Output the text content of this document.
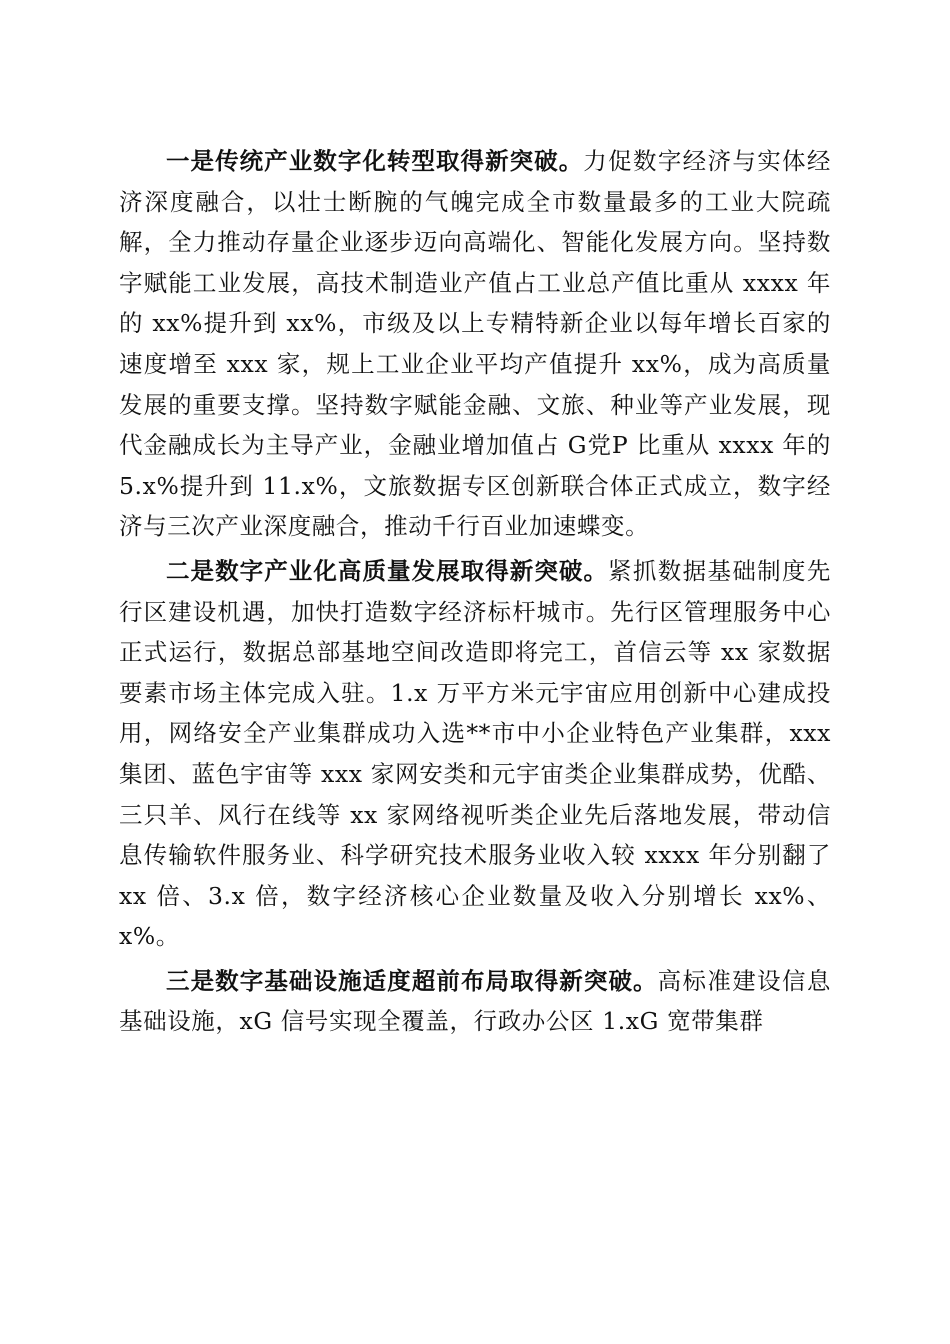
一是传统产业数字化转型取得新突破。力促数字经济与实体经济深度融合，以壮士断腕的气魄完成全市数量最多的工业大院疏解，全力推动存量企业逐步迈向高端化、智能化发展方向。坚持数字赋能工业发展，高技术制造业产值占工业总产值比重从 xxxx 年的 xx%提升到 xx%，市级及以上专精特新企业以每年增长百家的速度增至 xxx 家，规上工业企业平均产值提升 xx%，成为高质量发展的重要支撑。坚持数字赋能金融、文旅、种业等产业发展，现代金融成长为主导产业，金融业增加值占 G党P 比重从 xxxx 年的 5.x%提升到 11.x%，文旅数据专区创新联合体正式成立，数字经济与三次产业深度融合，推动千行百业加速蝶变。

二是数字产业化高质量发展取得新突破。紧抓数据基础制度先行区建设机遇，加快打造数字经济标杆城市。先行区管理服务中心正式运行，数据总部基地空间改造即将完工，首信云等 xx 家数据要素市场主体完成入驻。1.x 万平方米元宇宙应用创新中心建成投用，网络安全产业集群成功入选**市中小企业特色产业集群，xxx 集团、蓝色宇宙等 xxx 家网安类和元宇宙类企业集群成势，优酷、三只羊、风行在线等 xx 家网络视听类企业先后落地发展，带动信息传输软件服务业、科学研究技术服务业收入较 xxxx 年分别翻了 xx 倍、3.x 倍，数字经济核心企业数量及收入分别增长 xx%、x%。

三是数字基础设施适度超前布局取得新突破。高标准建设信息基础设施，xG 信号实现全覆盖，行政办公区 1.xG 宽带集群
